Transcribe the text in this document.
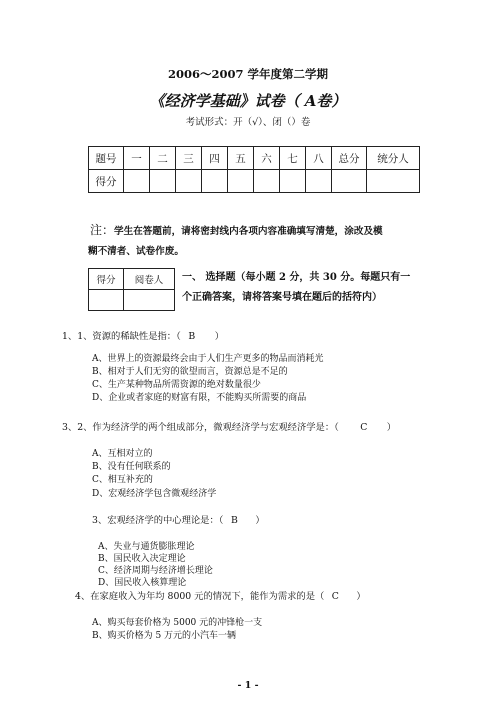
2006～2007 学年度第二学期
《经济学基础》试卷（ A卷）
考试形式：开（√）、闭（）卷
题号	一	二	三	四	五	六	七	八	总分	统分人
得分										
注：学生在答题前，请将密封线内各项内容准确填写清楚，涂改及模
糊不清者、试卷作废。
得分	阅卷人
	一、 选择题（每小题 2 分，共 30 分。每题只有一
个正确答案，请将答案号填在题后的括符内）
1、1、资源的稀缺性是指：（ B ）
A、世界上的资源最终会由于人们生产更多的物品而消耗光
B、相对于人们无穷的欲望而言，资源总是不足的
C、生产某种物品所需资源的绝对数量很少
D、企业或者家庭的财富有限，不能购买所需要的商品
3、2、作为经济学的两个组成部分，微观经济学与宏观经济学是：（ C ）
A、互相对立的
B、没有任何联系的
C、相互补充的
D、宏观经济学包含微观经济学
3、宏观经济学的中心理论是：（ B ）
A、失业与通货膨胀理论
B、国民收入决定理论
C、经济周期与经济增长理论
D、国民收入核算理论
4、在家庭收入为年均 8000 元的情况下，能作为需求的是（ C ）
A、购买每套价格为 5000 元的冲锋枪一支
B、购买价格为 5 万元的小汽车一辆
- 1 -
